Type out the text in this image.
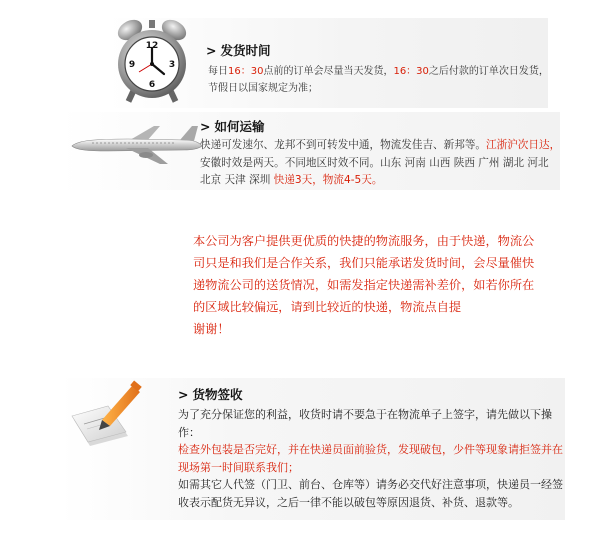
12
9	3
6
> 发货时间
每日16：30点前的订单会尽量当天发货，16：30之后付款的订单次日发货，
节假日以国家规定为准；
> 如何运输
快递可发速尔、龙邦不到可转发中通，物流发佳吉、新邦等。江浙沪次日达，
安徽时效是两天。不同地区时效不同。山东 河南 山西 陕西 广州 湖北 河北
北京 天津 深圳 快递3天，物流4-5天。
本公司为客户提供更优质的快捷的物流服务，由于快递，物流公
司只是和我们是合作关系，我们只能承诺发货时间，会尽量催快
递物流公司的送货情况，如需发指定快递需补差价，如若你所在
的区域比较偏远，请到比较近的快递，物流点自提
谢谢！
> 货物签收
为了充分保证您的利益，收货时请不要急于在物流单子上签字，请先做以下操作：
检查外包装是否完好，并在快递员面前验货，发现破包，少件等现象请拒签并在现场第一时间联系我们；
如需其它人代签（门卫、前台、仓库等）请务必交代好注意事项，快递员一经签收表示配货无异议，之后一律不能以破包等原因退货、补货、退款等。
